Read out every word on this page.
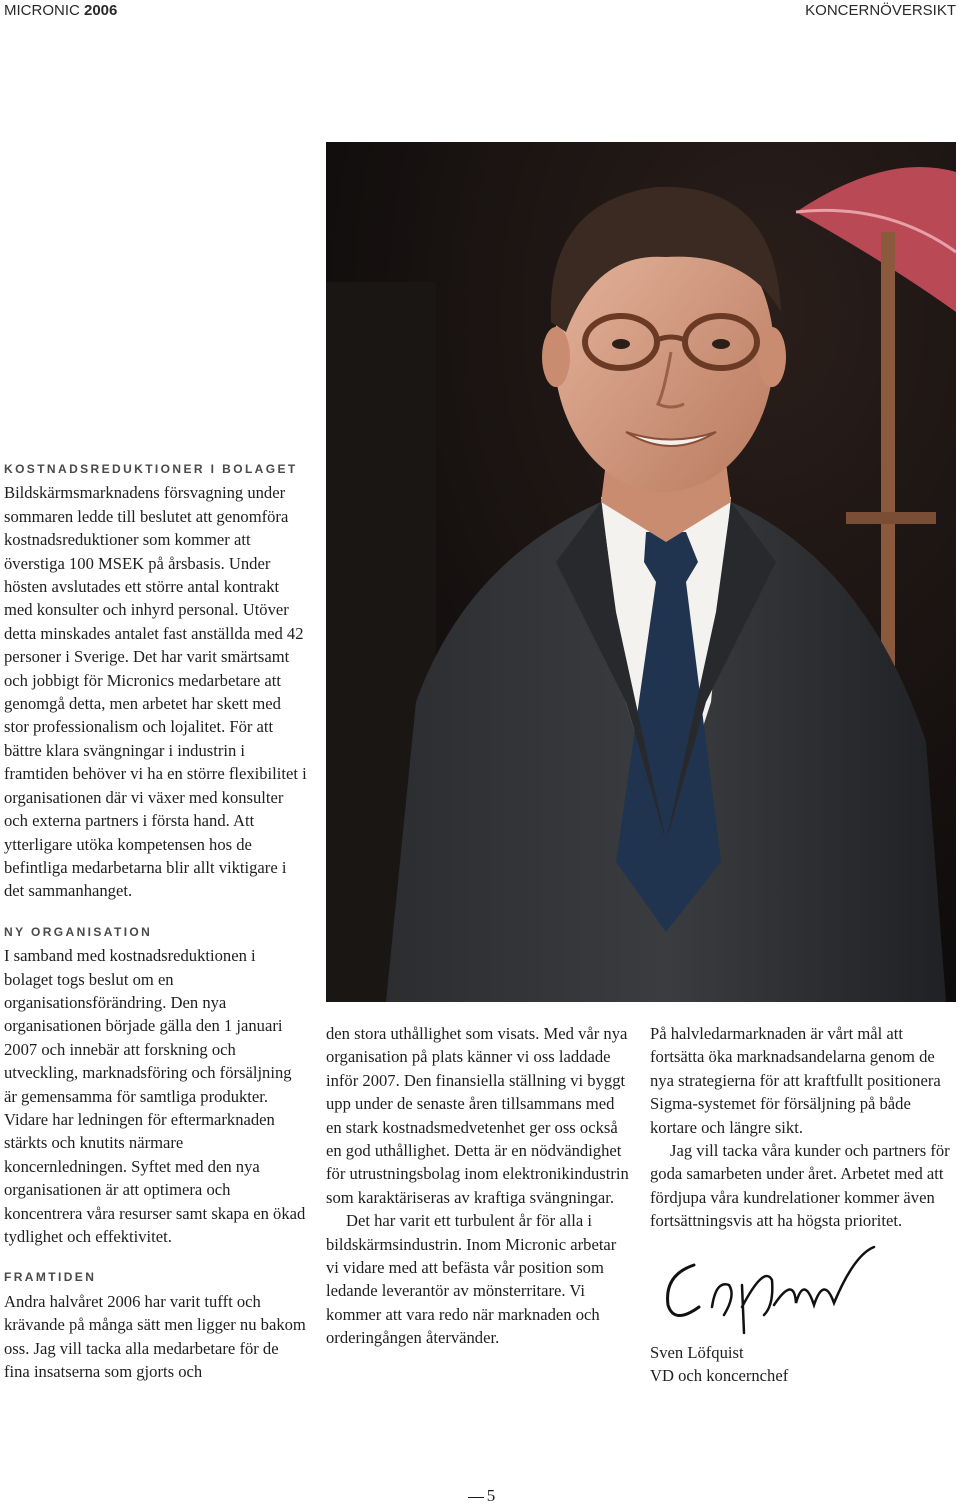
MICRONIC 2006	KONCERNÖVERSIKT

KOSTNADSREDUKTIONER I BOLAGET

Bildskärmsmarknadens försvagning under sommaren ledde till beslutet att genomföra kostnadsreduktioner som kommer att överstiga 100 MSEK på årsbasis. Under hösten avslutades ett större antal kontrakt med konsulter och inhyrd personal. Utöver detta minskades antalet fast anställda med 42 personer i Sverige. Det har varit smärtsamt och jobbigt för Micronics medarbetare att genomgå detta, men arbetet har skett med stor professionalism och lojalitet. För att bättre klara svängningar i industrin i framtiden behöver vi ha en större flexibilitet i organisationen där vi växer med konsulter och externa partners i första hand. Att ytterligare utöka kompetensen hos de befintliga medarbetarna blir allt viktigare i det sammanhanget.

NY ORGANISATION

I samband med kostnadsreduktionen i bolaget togs beslut om en organisationsförändring. Den nya organisationen började gälla den 1 januari 2007 och innebär att forskning och utveckling, marknadsföring och försäljning är gemensamma för samtliga produkter. Vidare har ledningen för eftermarknaden stärkts och knutits närmare koncernledningen. Syftet med den nya organisationen är att optimera och koncentrera våra resurser samt skapa en ökad tydlighet och effektivitet.

FRAMTIDEN

Andra halvåret 2006 har varit tufft och krävande på många sätt men ligger nu bakom oss. Jag vill tacka alla medarbetare för de fina insatserna som gjorts och

den stora uthållighet som visats. Med vår nya organisation på plats känner vi oss laddade inför 2007. Den finansiella ställning vi byggt upp under de senaste åren tillsammans med en stark kostnadsmedvetenhet ger oss också en god uthållighet. Detta är en nödvändighet för utrustningsbolag inom elektronikindustrin som karaktäriseras av kraftiga svängningar.

Det har varit ett turbulent år för alla i bildskärmsindustrin. Inom Micronic arbetar vi vidare med att befästa vår position som ledande leverantör av mönsterritare. Vi kommer att vara redo när marknaden och orderingången återvänder.

På halvledarmarknaden är vårt mål att fortsätta öka marknadsandelarna genom de nya strategierna för att kraftfullt positionera Sigma-systemet för försäljning på både kortare och längre sikt.

Jag vill tacka våra kunder och partners för goda samarbeten under året. Arbetet med att fördjupa våra kundrelationer kommer även fortsättningsvis att ha högsta prioritet.

Sven Löfquist

VD och koncernchef

5
